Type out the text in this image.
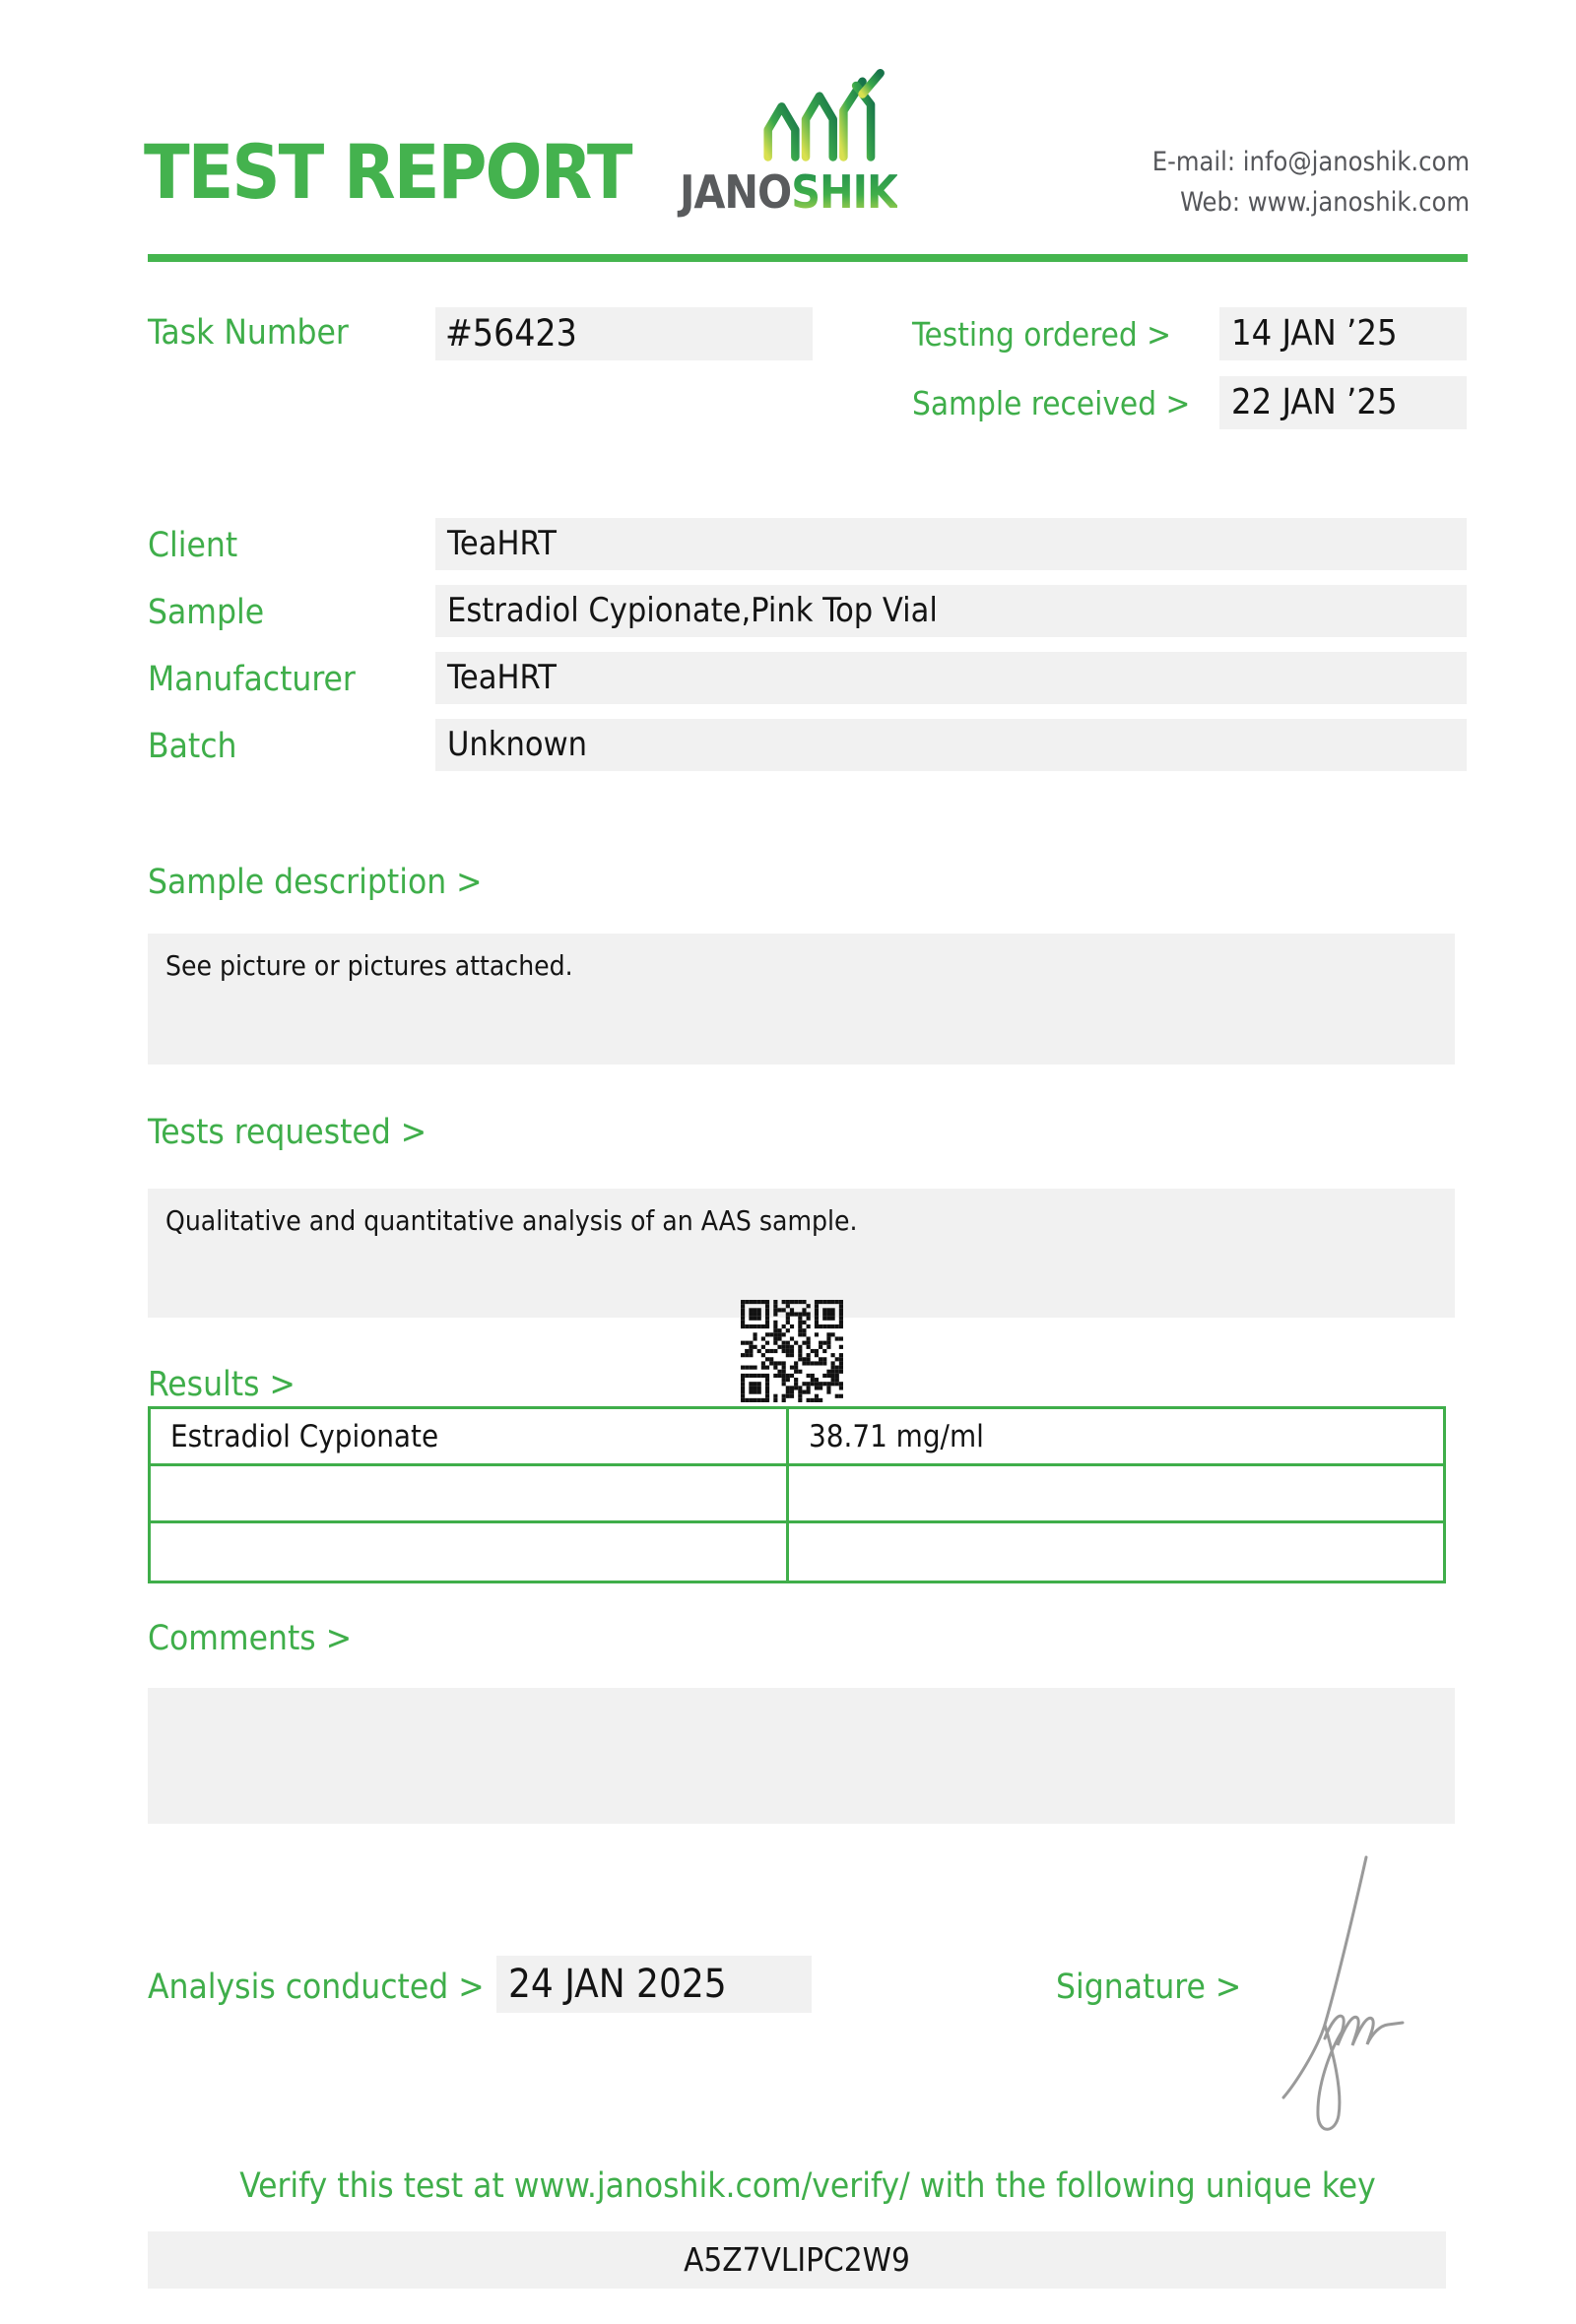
TEST REPORT JANOSHIK
E-mail: info@janoshik.com
Web: www.janoshik.com
Task Number	#56423	Testing ordered >	14 JAN ’25
Sample received >	22 JAN ’25
Client	TeaHRT
Sample	Estradiol Cypionate,Pink Top Vial
Manufacturer	TeaHRT
Batch	Unknown
Sample description >
See picture or pictures attached.
Tests requested >
Qualitative and quantitative analysis of an AAS sample.
Results >
Estradiol Cypionate	38.71 mg/ml
Comments >
Analysis conducted > 24 JAN 2025	Signature >
Verify this test at www.janoshik.com/verify/ with the following unique key
A5Z7VLIPC2W9
